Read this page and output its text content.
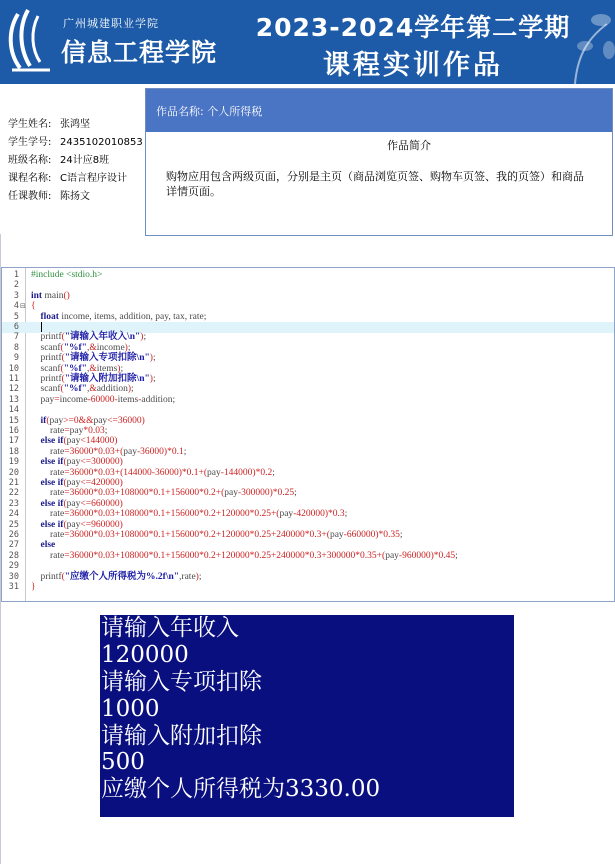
广州城建职业学院
信息工程学院
2023-2024学年第二学期
课程实训作品
学生姓名: 张鸿坚
学生学号: 2435102010853
班级名称: 24计应8班
课程名称: C语言程序设计
任课教师: 陈扬文
作品名称: 个人所得税
作品简介
购物应用包含两级页面，分别是主页（商品浏览页签、购物车页签、我的页签）和商品详情页面。
1 #include <stdio.h>
2
3 int main()
4 ⊟ {
5	float income, items, addition, pay, tax, rate;
6

7 printf("请输入年收入\n");
8 scanf("%f",&income);
9 printf("请输入专项扣除\n");
10 scanf("%f",&items);
11 printf("请输入附加扣除\n");
12 scanf("%f",&addition);
13 pay=income-60000-items-addition;
14
15	if(pay>=0&&pay<=36000)
16 rate=pay*0.03;
17	else if(pay<144000)
18 rate=36000*0.03+(pay-36000)*0.1;
19	else if(pay<=300000)
20 rate=36000*0.03+(144000-36000)*0.1+(pay-144000)*0.2;
21	else if(pay<=420000)
22 rate=36000*0.03+108000*0.1+156000*0.2+(pay-300000)*0.25;
23	else if(pay<=660000)
24 rate=36000*0.03+108000*0.1+156000*0.2+120000*0.25+(pay-420000)*0.3;
25	else if(pay<=960000)
26 rate=36000*0.03+108000*0.1+156000*0.2+120000*0.25+240000*0.3+(pay-660000)*0.35;
27	else
28 rate=36000*0.03+108000*0.1+156000*0.2+120000*0.25+240000*0.3+300000*0.35+(pay-960000)*0.45;
29
30 printf("应缴个人所得税为%.2f\n",rate);
31 }
请输入年收入
120000
请输入专项扣除
1000
请输入附加扣除
500
应缴个人所得税为3330.00
